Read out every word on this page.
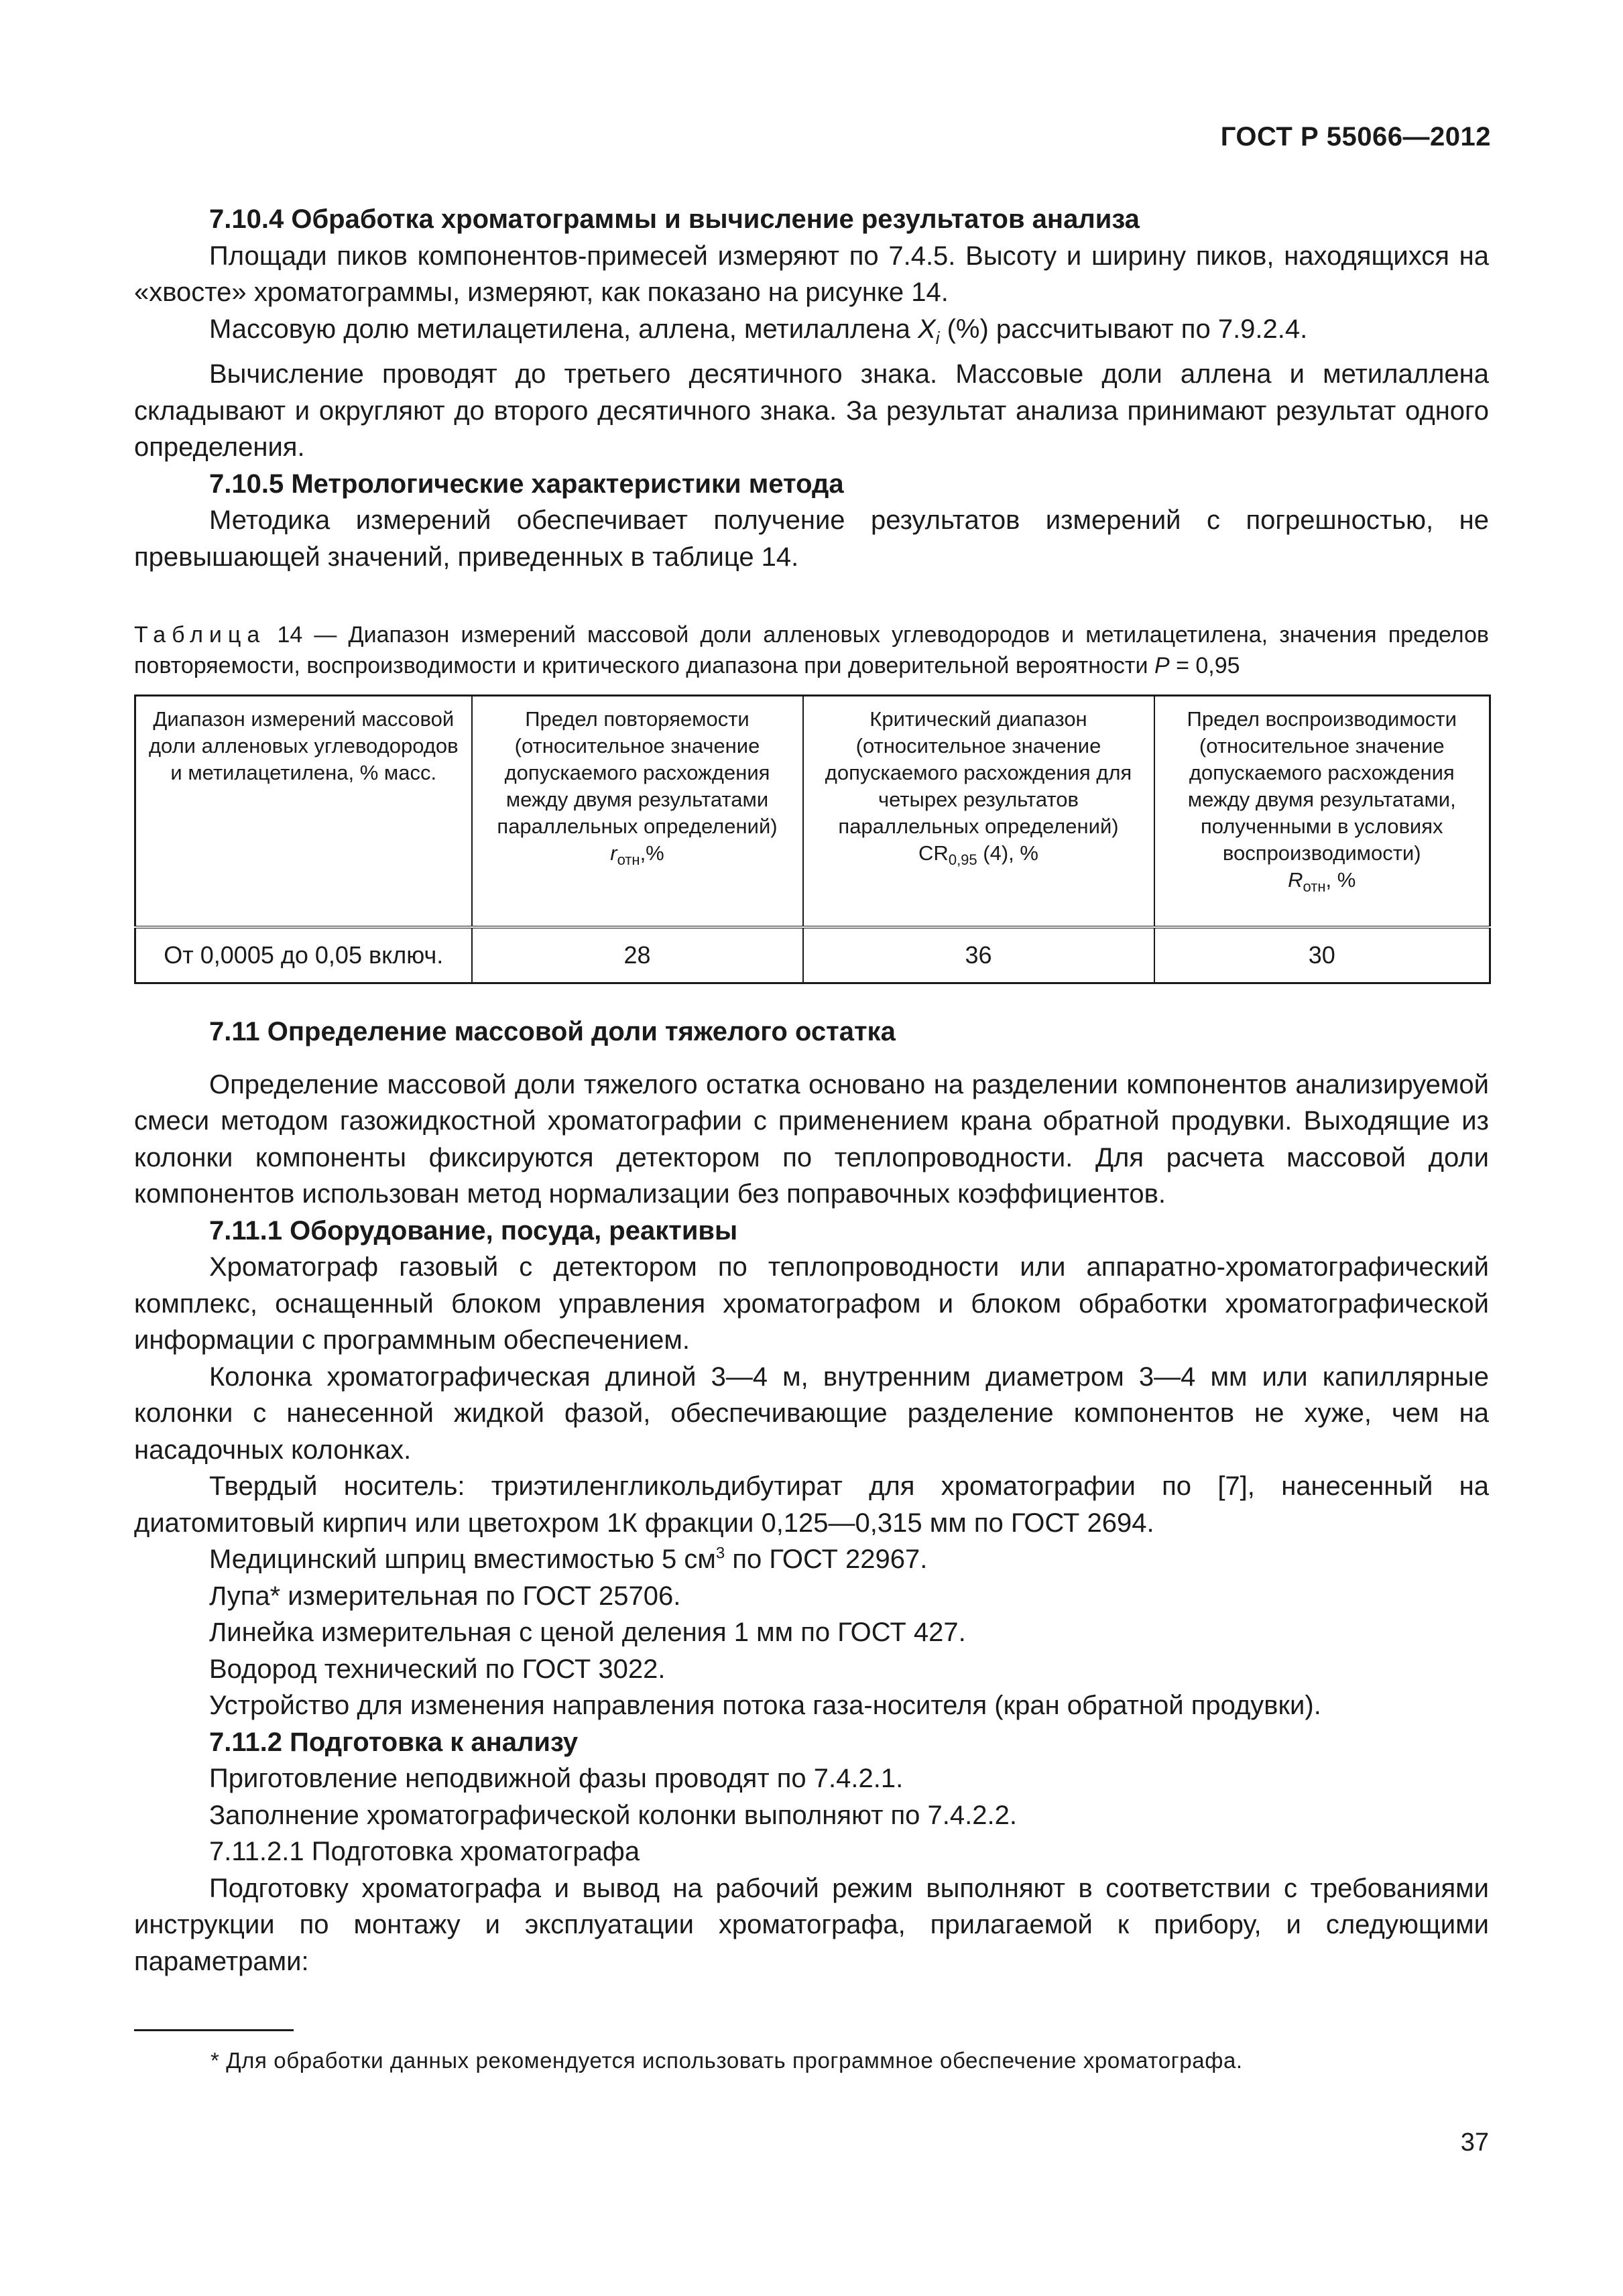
ГОСТ Р 55066—2012
7.10.4 Обработка хроматограммы и вычисление результатов анализа

Площади пиков компонентов-примесей измеряют по 7.4.5. Высоту и ширину пиков, находящихся на «хвосте» хроматограммы, измеряют, как показано на рисунке 14.

Массовую долю метилацетилена, аллена, метилаллена $X_i$ (%) рассчитывают по 7.9.2.4.

Вычисление проводят до третьего десятичного знака. Массовые доли аллена и метилаллена складывают и округляют до второго десятичного знака. За результат анализа принимают результат одного определения.

7.10.5 Метрологические характеристики метода

Методика измерений обеспечивает получение результатов измерений с погрешностью, не превышающей значений, приведенных в таблице 14.

Таблица 14 — Диапазон измерений массовой доли алленовых углеводородов и метилацетилена, значения пределов повторяемости, воспроизводимости и критического диапазона при доверительной вероятности P = 0,95
Диапазон измерений массовой доли алленовых углеводородов и метилацетилена, % масс.	Предел повторяемости (относительное значение допускаемого расхождения между двумя результатами параллельных определений) $r_{отн},\%$	Критический диапазон (относительное значение допускаемого расхождения для четырех результатов параллельных определений) $CR_{0,95}$ (4), %	Предел воспроизводимости (относительное значение допускаемого расхождения между двумя результатами, полученными в условиях воспроизводимости)
$R_{отн}$, %
От 0,0005 до 0,05 включ.	28	36	30
7.11 Определение массовой доли тяжелого остатка

Определение массовой доли тяжелого остатка основано на разделении компонентов анализируемой смеси методом газожидкостной хроматографии с применением крана обратной продувки. Выходящие из колонки компоненты фиксируются детектором по теплопроводности. Для расчета массовой доли компонентов использован метод нормализации без поправочных коэффициентов.

7.11.1 Оборудование, посуда, реактивы

Хроматограф газовый с детектором по теплопроводности или аппаратно-хроматографический комплекс, оснащенный блоком управления хроматографом и блоком обработки хроматографической информации с программным обеспечением.

Колонка хроматографическая длиной 3—4 м, внутренним диаметром 3—4 мм или капиллярные колонки с нанесенной жидкой фазой, обеспечивающие разделение компонентов не хуже, чем на насадочных колонках.

Твердый носитель: триэтиленгликольдибутират для хроматографии по [7], нанесенный на диатомитовый кирпич или цветохром 1К фракции 0,125—0,315 мм по ГОСТ 2694.

Медицинский шприц вместимостью 5 $см^3$ по ГОСТ 22967.

Лупа* измерительная по ГОСТ 25706.

Линейка измерительная с ценой деления 1 мм по ГОСТ 427.

Водород технический по ГОСТ 3022.

Устройство для изменения направления потока газа-носителя (кран обратной продувки).

7.11.2 Подготовка к анализу

Приготовление неподвижной фазы проводят по 7.4.2.1.

Заполнение хроматографической колонки выполняют по 7.4.2.2.

7.11.2.1 Подготовка хроматографа

Подготовку хроматографа и вывод на рабочий режим выполняют в соответствии с требованиями инструкции по монтажу и эксплуатации хроматографа, прилагаемой к прибору, и следующими параметрами:

* Для обработки данных рекомендуется использовать программное обеспечение хроматографа.
37
